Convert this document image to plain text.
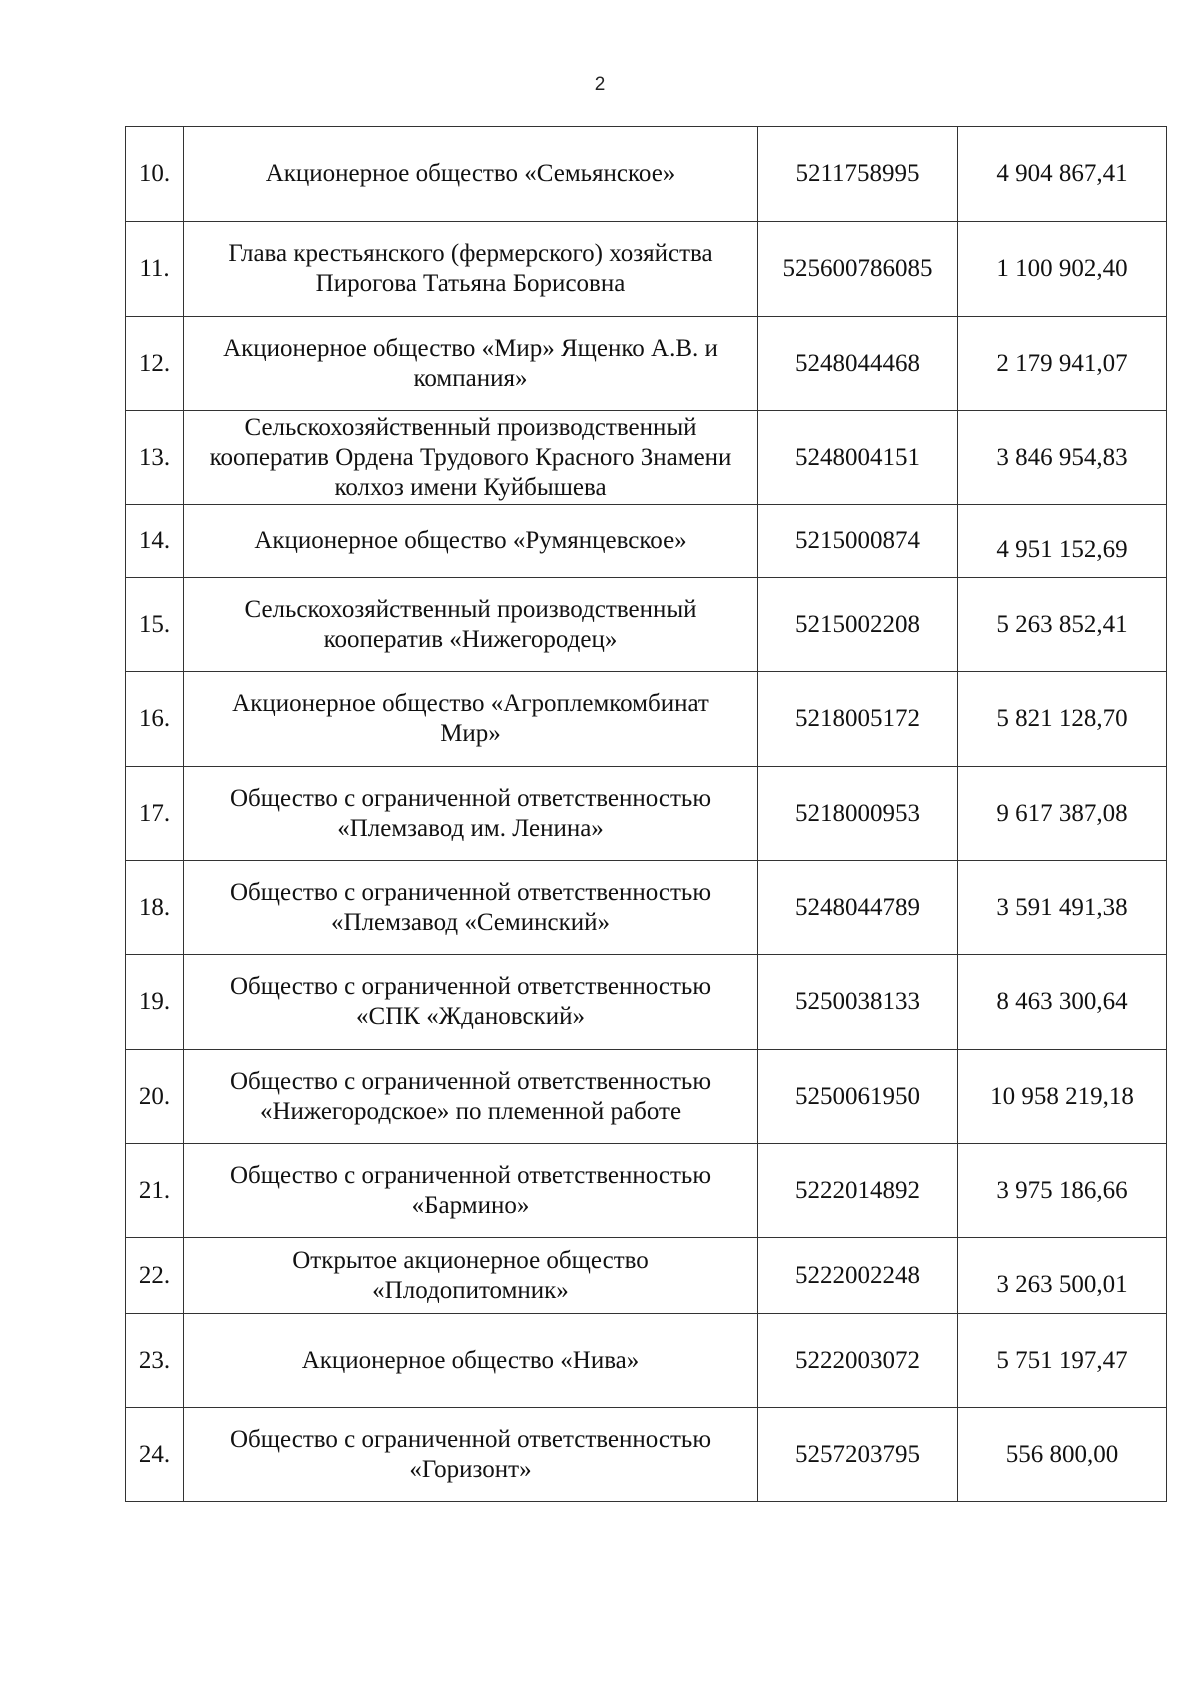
2
10.	Акционерное общество «Семьянское»	5211758995	4 904 867,41
11.	Глава крестьянского (фермерского) хозяйства Пирогова Татьяна Борисовна	525600786085	1 100 902,40
12.	Акционерное общество «Мир» Ященко А.В. и компания»	5248044468	2 179 941,07
13.	Сельскохозяйственный производственный кооператив Ордена Трудового Красного Знамени колхоз имени Куйбышева	5248004151	3 846 954,83
14.	Акционерное общество «Румянцевское»	5215000874	4 951 152,69
15.	Сельскохозяйственный производственный кооператив «Нижегородец»	5215002208	5 263 852,41
16.	Акционерное общество «Агроплемкомбинат Мир»	5218005172	5 821 128,70
17.	Общество с ограниченной ответственностью «Племзавод им. Ленина»	5218000953	9 617 387,08
18.	Общество с ограниченной ответственностью «Племзавод «Семинский»	5248044789	3 591 491,38
19.	Общество с ограниченной ответственностью «СПК «Ждановский»	5250038133	8 463 300,64
20.	Общество с ограниченной ответственностью «Нижегородское» по племенной работе	5250061950	10 958 219,18
21.	Общество с ограниченной ответственностью «Бармино»	5222014892	3 975 186,66
22.	Открытое акционерное общество «Плодопитомник»	5222002248	3 263 500,01
23.	Акционерное общество «Нива»	5222003072	5 751 197,47
24.	Общество с ограниченной ответственностью «Горизонт»	5257203795	556 800,00
